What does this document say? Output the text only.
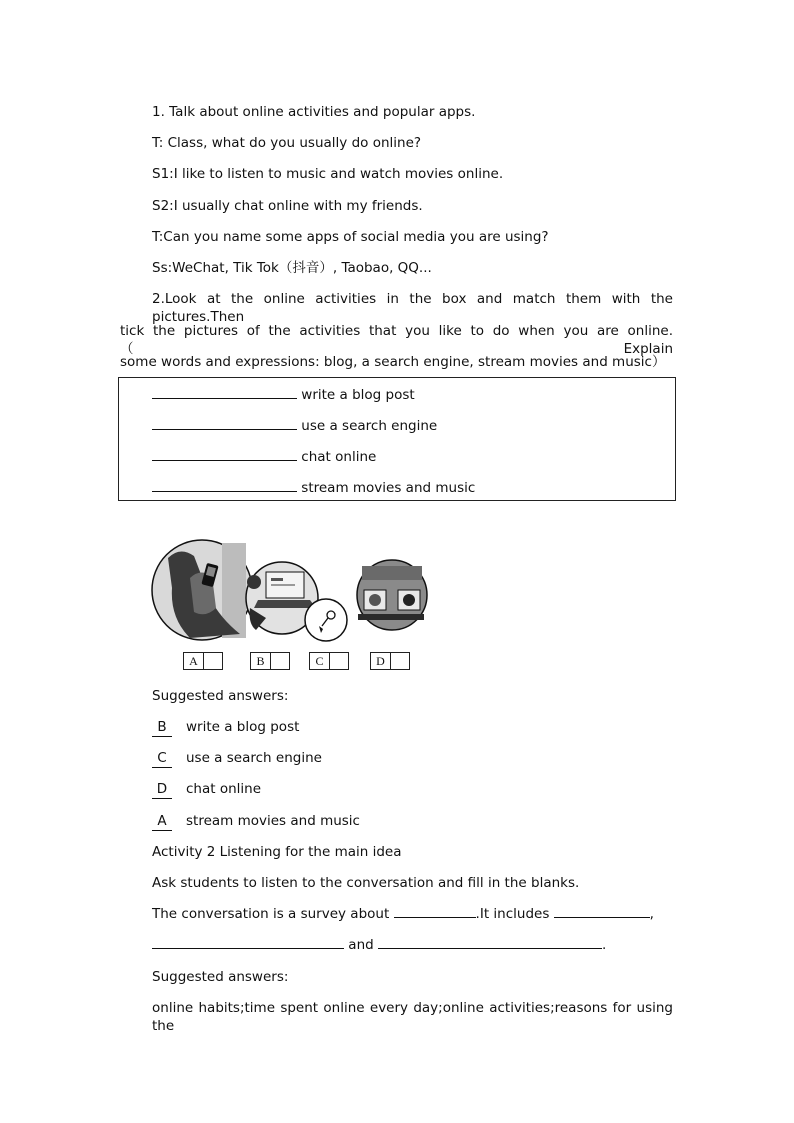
1. Talk about online activities and popular apps.
T: Class, what do you usually do online?
S1:I like to listen to music and watch movies online.
S2:I usually chat online with my friends.
T:Can you name some apps of social media you are using?
Ss:WeChat, Tik Tok（抖音）, Taobao, QQ...
2.Look at the online activities in the box and match them with the pictures.Then
tick the pictures of the activities that you like to do when you are online.（Explain
some words and expressions: blog, a search engine, stream movies and music）
write a blog post
use a search engine
chat online
stream movies and music
A	B	C	D
Suggested answers:
B write a blog post
C use a search engine
D chat online
A stream movies and music
Activity 2 Listening for the main idea
Ask students to listen to the conversation and fill in the blanks.
The conversation is a survey about	.It includes	,
and	.
Suggested answers:
online habits;time spent online every day;online activities;reasons for using the
